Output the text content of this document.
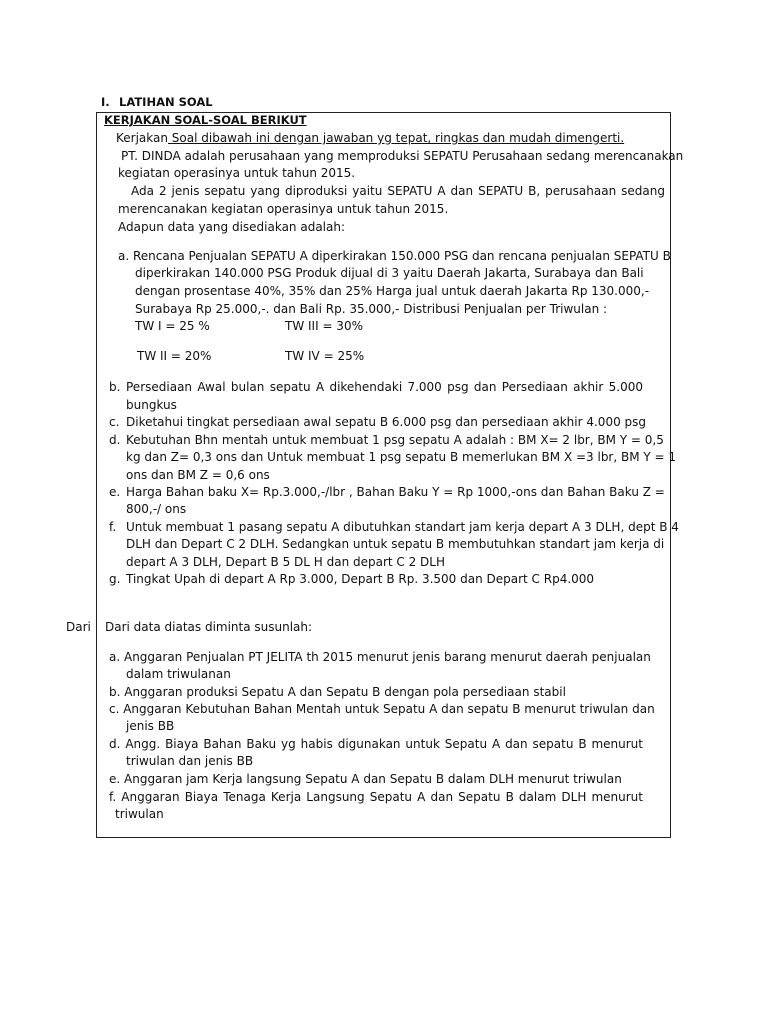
I. LATIHAN SOAL
KERJAKAN SOAL-SOAL BERIKUT
Kerjakan Soal dibawah ini dengan jawaban yg tepat, ringkas dan mudah dimengerti.
PT. DINDA adalah perusahaan yang memproduksi SEPATU Perusahaan sedang merencanakan
kegiatan operasinya untuk tahun 2015.
Ada 2 jenis sepatu yang diproduksi yaitu SEPATU A dan SEPATU B, perusahaan sedang
merencanakan kegiatan operasinya untuk tahun 2015.
Adapun data yang disediakan adalah:
a. Rencana Penjualan SEPATU A diperkirakan 150.000 PSG dan rencana penjualan SEPATU B
diperkirakan 140.000 PSG Produk dijual di 3 yaitu Daerah Jakarta, Surabaya dan Bali
dengan prosentase 40%, 35% dan 25% Harga jual untuk daerah Jakarta Rp 130.000,-
Surabaya Rp 25.000,-. dan Bali Rp. 35.000,- Distribusi Penjualan per Triwulan :
TW I = 25 %	TW III = 30%
TW II = 20%	TW IV = 25%
b. Persediaan Awal bulan sepatu A dikehendaki 7.000 psg dan Persediaan akhir 5.000
bungkus
c. Diketahui tingkat persediaan awal sepatu B 6.000 psg dan persediaan akhir 4.000 psg
d. Kebutuhan Bhn mentah untuk membuat 1 psg sepatu A adalah : BM X= 2 lbr, BM Y = 0,5
kg dan Z= 0,3 ons dan Untuk membuat 1 psg sepatu B memerlukan BM X =3 lbr, BM Y = 1
ons dan BM Z = 0,6 ons
e. Harga Bahan baku X= Rp.3.000,-/lbr , Bahan Baku Y = Rp 1000,-ons dan Bahan Baku Z =
800,-/ ons
f. Untuk membuat 1 pasang sepatu A dibutuhkan standart jam kerja depart A 3 DLH, dept B 4
DLH dan Depart C 2 DLH. Sedangkan untuk sepatu B membutuhkan standart jam kerja di
depart A 3 DLH, Depart B 5 DL H dan depart C 2 DLH
g. Tingkat Upah di depart A Rp 3.000, Depart B Rp. 3.500 dan Depart C Rp4.000
Dari Dari data diatas diminta susunlah:
a. Anggaran Penjualan PT JELITA th 2015 menurut jenis barang menurut daerah penjualan
dalam triwulanan
b. Anggaran produksi Sepatu A dan Sepatu B dengan pola persediaan stabil
c. Anggaran Kebutuhan Bahan Mentah untuk Sepatu A dan sepatu B menurut triwulan dan
jenis BB
d. Angg. Biaya Bahan Baku yg habis digunakan untuk Sepatu A dan sepatu B menurut
triwulan dan jenis BB
e. Anggaran jam Kerja langsung Sepatu A dan Sepatu B dalam DLH menurut triwulan
f. Anggaran Biaya Tenaga Kerja Langsung Sepatu A dan Sepatu B dalam DLH menurut
triwulan
